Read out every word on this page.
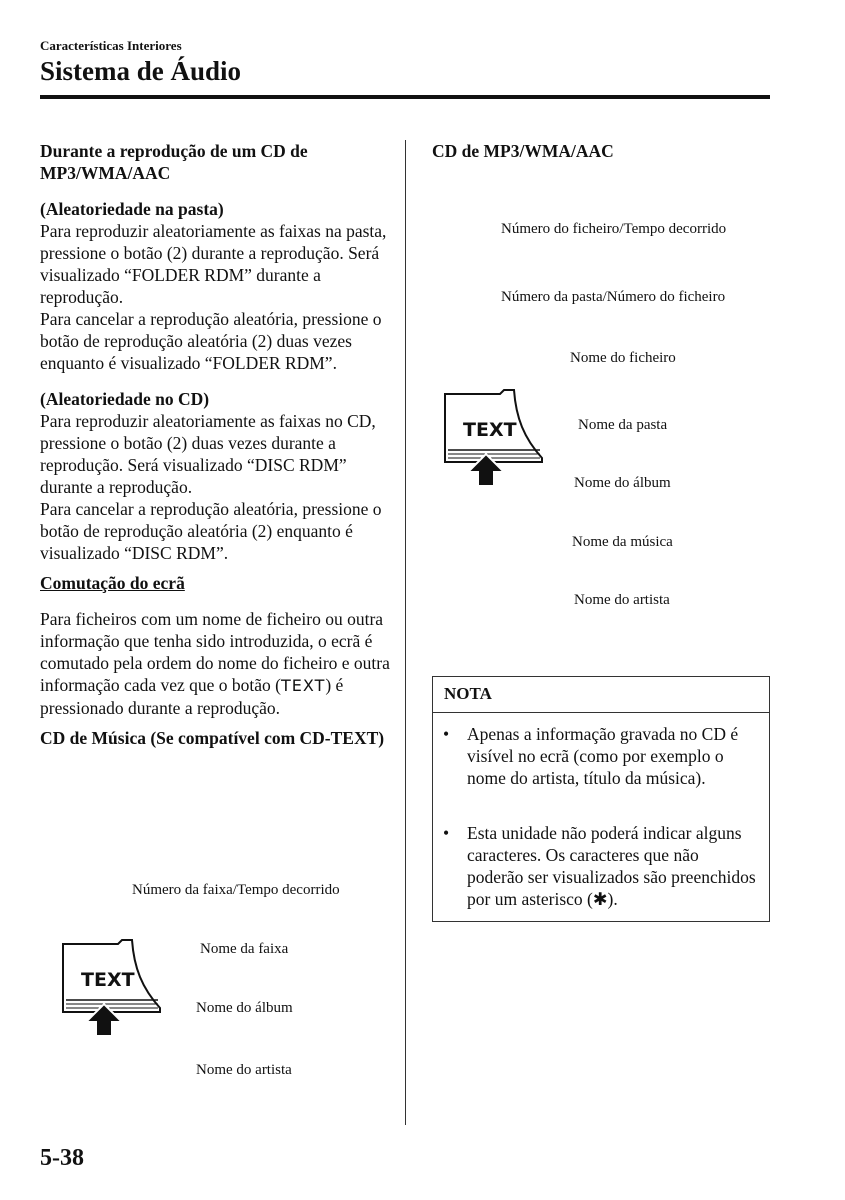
Características Interiores
Sistema de Áudio

Durante a reprodução de um CD de MP3/WMA/AAC

(Aleatoriedade na pasta)

Para reproduzir aleatoriamente as faixas na pasta, pressione o botão (2) durante a reprodução. Será visualizado “FOLDER RDM” durante a reprodução.

Para cancelar a reprodução aleatória, pressione o botão de reprodução aleatória (2) duas vezes enquanto é visualizado “FOLDER RDM”.

(Aleatoriedade no CD)

Para reproduzir aleatoriamente as faixas no CD, pressione o botão (2) duas vezes durante a reprodução. Será visualizado “DISC RDM” durante a reprodução.

Para cancelar a reprodução aleatória, pressione o botão de reprodução aleatória (2) enquanto é visualizado “DISC RDM”.

Comutação do ecrã

Para ficheiros com um nome de ficheiro ou outra informação que tenha sido introduzida, o ecrã é comutado pela ordem do nome do ficheiro e outra informação cada vez que o botão (TEXT) é pressionado durante a reprodução.

CD de Música (Se compatível com CD-TEXT)

Número da faixa/Tempo decorrido
Nome da faixa
Nome do álbum
Nome do artista
TEXT

CD de MP3/WMA/AAC

Número do ficheiro/Tempo decorrido
Número da pasta/Número do ficheiro
Nome do ficheiro
Nome da pasta
Nome do álbum
Nome da música
Nome do artista
TEXT
NOTA
• Apenas a informação gravada no CD é visível no ecrã (como por exemplo o nome do artista, título da música).
• Esta unidade não poderá indicar alguns caracteres. Os caracteres que não poderão ser visualizados são preenchidos por um asterisco (✱).
5-38
